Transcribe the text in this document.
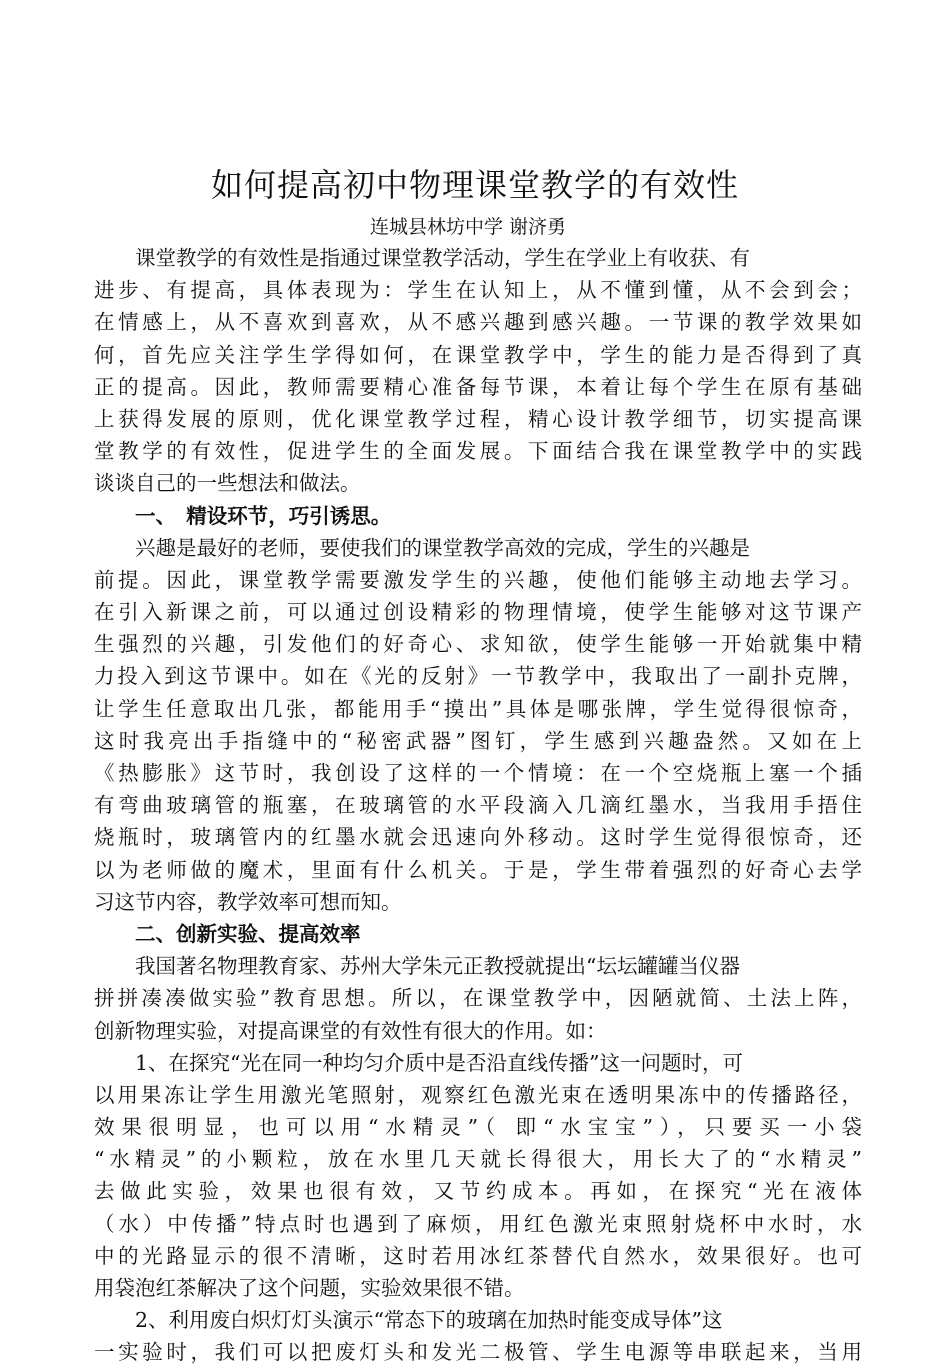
如何提高初中物理课堂教学的有效性
连城县林坊中学 谢济勇
　　课堂教学的有效性是指通过课堂教学活动，学生在学业上有收获、有
进步、有提高，具体表现为：学生在认知上，从不懂到懂，从不会到会；
在情感上，从不喜欢到喜欢，从不感兴趣到感兴趣。一节课的教学效果如
何，首先应关注学生学得如何，在课堂教学中，学生的能力是否得到了真
正的提高。因此，教师需要精心准备每节课，本着让每个学生在原有基础
上获得发展的原则，优化课堂教学过程，精心设计教学细节，切实提高课
堂教学的有效性，促进学生的全面发展。下面结合我在课堂教学中的实践
谈谈自己的一些想法和做法。
　　一、　精设环节，巧引诱思。
　　兴趣是最好的老师，要使我们的课堂教学高效的完成，学生的兴趣是
前提。因此，课堂教学需要激发学生的兴趣，使他们能够主动地去学习。
在引入新课之前，可以通过创设精彩的物理情境，使学生能够对这节课产
生强烈的兴趣，引发他们的好奇心、求知欲，使学生能够一开始就集中精
力投入到这节课中。如在《光的反射》一节教学中，我取出了一副扑克牌，
让学生任意取出几张，都能用手“摸出”具体是哪张牌，学生觉得很惊奇，
这时我亮出手指缝中的“秘密武器”图钉，学生感到兴趣盎然。又如在上
《热膨胀》这节时，我创设了这样的一个情境：在一个空烧瓶上塞一个插
有弯曲玻璃管的瓶塞，在玻璃管的水平段滴入几滴红墨水，当我用手捂住
烧瓶时，玻璃管内的红墨水就会迅速向外移动。这时学生觉得很惊奇，还
以为老师做的魔术，里面有什么机关。于是，学生带着强烈的好奇心去学
习这节内容，教学效率可想而知。
　　二、创新实验、提高效率
　　我国著名物理教育家、苏州大学朱元正教授就提出“坛坛罐罐当仪器
拼拼凑凑做实验”教育思想。所以，在课堂教学中，因陋就简、土法上阵，
创新物理实验，对提高课堂的有效性有很大的作用。如：
　　1、在探究“光在同一种均匀介质中是否沿直线传播”这一问题时，可
以用果冻让学生用激光笔照射，观察红色激光束在透明果冻中的传播路径，
效果很明显，也可以用“水精灵”（ 即“水宝宝”），只要买一小袋
“水精灵”的小颗粒，放在水里几天就长得很大，用长大了的“水精灵”
去做此实验，效果也很有效，又节约成本。再如，在探究“光在液体
（水）中传播”特点时也遇到了麻烦，用红色激光束照射烧杯中水时，水
中的光路显示的很不清晰，这时若用冰红茶替代自然水，效果很好。也可
用袋泡红茶解决了这个问题，实验效果很不错。
　　2、利用废白炽灯灯头演示“常态下的玻璃在加热时能变成导体”这
一实验时，我们可以把废灯头和发光二极管、学生电源等串联起来，当用
